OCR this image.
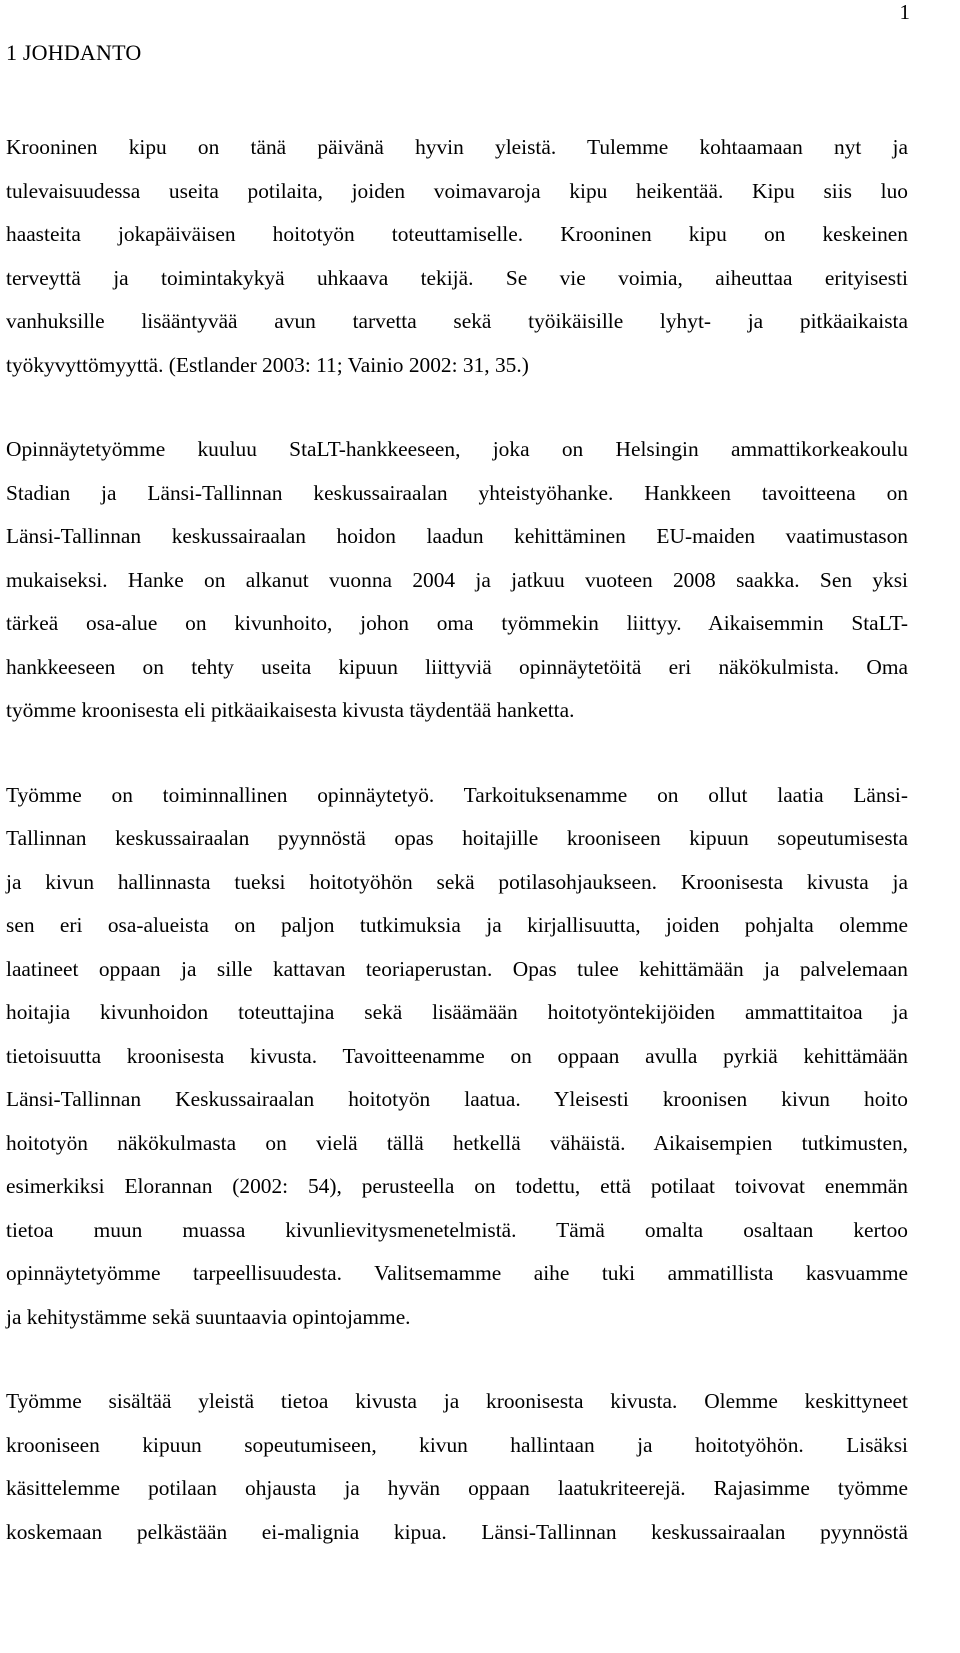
1
1 JOHDANTO
Krooninen kipu on tänä päivänä hyvin yleistä. Tulemme kohtaamaan nyt ja
tulevaisuudessa useita potilaita, joiden voimavaroja kipu heikentää. Kipu siis luo
haasteita jokapäiväisen hoitotyön toteuttamiselle. Krooninen kipu on keskeinen
terveyttä ja toimintakykyä uhkaava tekijä. Se vie voimia, aiheuttaa erityisesti
vanhuksille lisääntyvää avun tarvetta sekä työikäisille lyhyt- ja pitkäaikaista
työkyvyttömyyttä. (Estlander 2003: 11; Vainio 2002: 31, 35.)
Opinnäytetyömme kuuluu StaLT-hankkeeseen, joka on Helsingin ammattikorkeakoulu
Stadian ja Länsi-Tallinnan keskussairaalan yhteistyöhanke. Hankkeen tavoitteena on
Länsi-Tallinnan keskussairaalan hoidon laadun kehittäminen EU-maiden vaatimustason
mukaiseksi. Hanke on alkanut vuonna 2004 ja jatkuu vuoteen 2008 saakka. Sen yksi
tärkeä osa-alue on kivunhoito, johon oma työmmekin liittyy. Aikaisemmin StaLT-
hankkeeseen on tehty useita kipuun liittyviä opinnäytetöitä eri näkökulmista. Oma
työmme kroonisesta eli pitkäaikaisesta kivusta täydentää hanketta.
Työmme on toiminnallinen opinnäytetyö. Tarkoituksenamme on ollut laatia Länsi-
Tallinnan keskussairaalan pyynnöstä opas hoitajille krooniseen kipuun sopeutumisesta
ja kivun hallinnasta tueksi hoitotyöhön sekä potilasohjaukseen. Kroonisesta kivusta ja
sen eri osa-alueista on paljon tutkimuksia ja kirjallisuutta, joiden pohjalta olemme
laatineet oppaan ja sille kattavan teoriaperustan. Opas tulee kehittämään ja palvelemaan
hoitajia kivunhoidon toteuttajina sekä lisäämään hoitotyöntekijöiden ammattitaitoa ja
tietoisuutta kroonisesta kivusta. Tavoitteenamme on oppaan avulla pyrkiä kehittämään
Länsi-Tallinnan Keskussairaalan hoitotyön laatua. Yleisesti kroonisen kivun hoito
hoitotyön näkökulmasta on vielä tällä hetkellä vähäistä. Aikaisempien tutkimusten,
esimerkiksi Elorannan (2002: 54), perusteella on todettu, että potilaat toivovat enemmän
tietoa muun muassa kivunlievitysmenetelmistä. Tämä omalta osaltaan kertoo
opinnäytetyömme tarpeellisuudesta. Valitsemamme aihe tuki ammatillista kasvuamme
ja kehitystämme sekä suuntaavia opintojamme.
Työmme sisältää yleistä tietoa kivusta ja kroonisesta kivusta. Olemme keskittyneet
krooniseen kipuun sopeutumiseen, kivun hallintaan ja hoitotyöhön. Lisäksi
käsittelemme potilaan ohjausta ja hyvän oppaan laatukriteerejä. Rajasimme työmme
koskemaan pelkästään ei-malignia kipua. Länsi-Tallinnan keskussairaalan pyynnöstä
